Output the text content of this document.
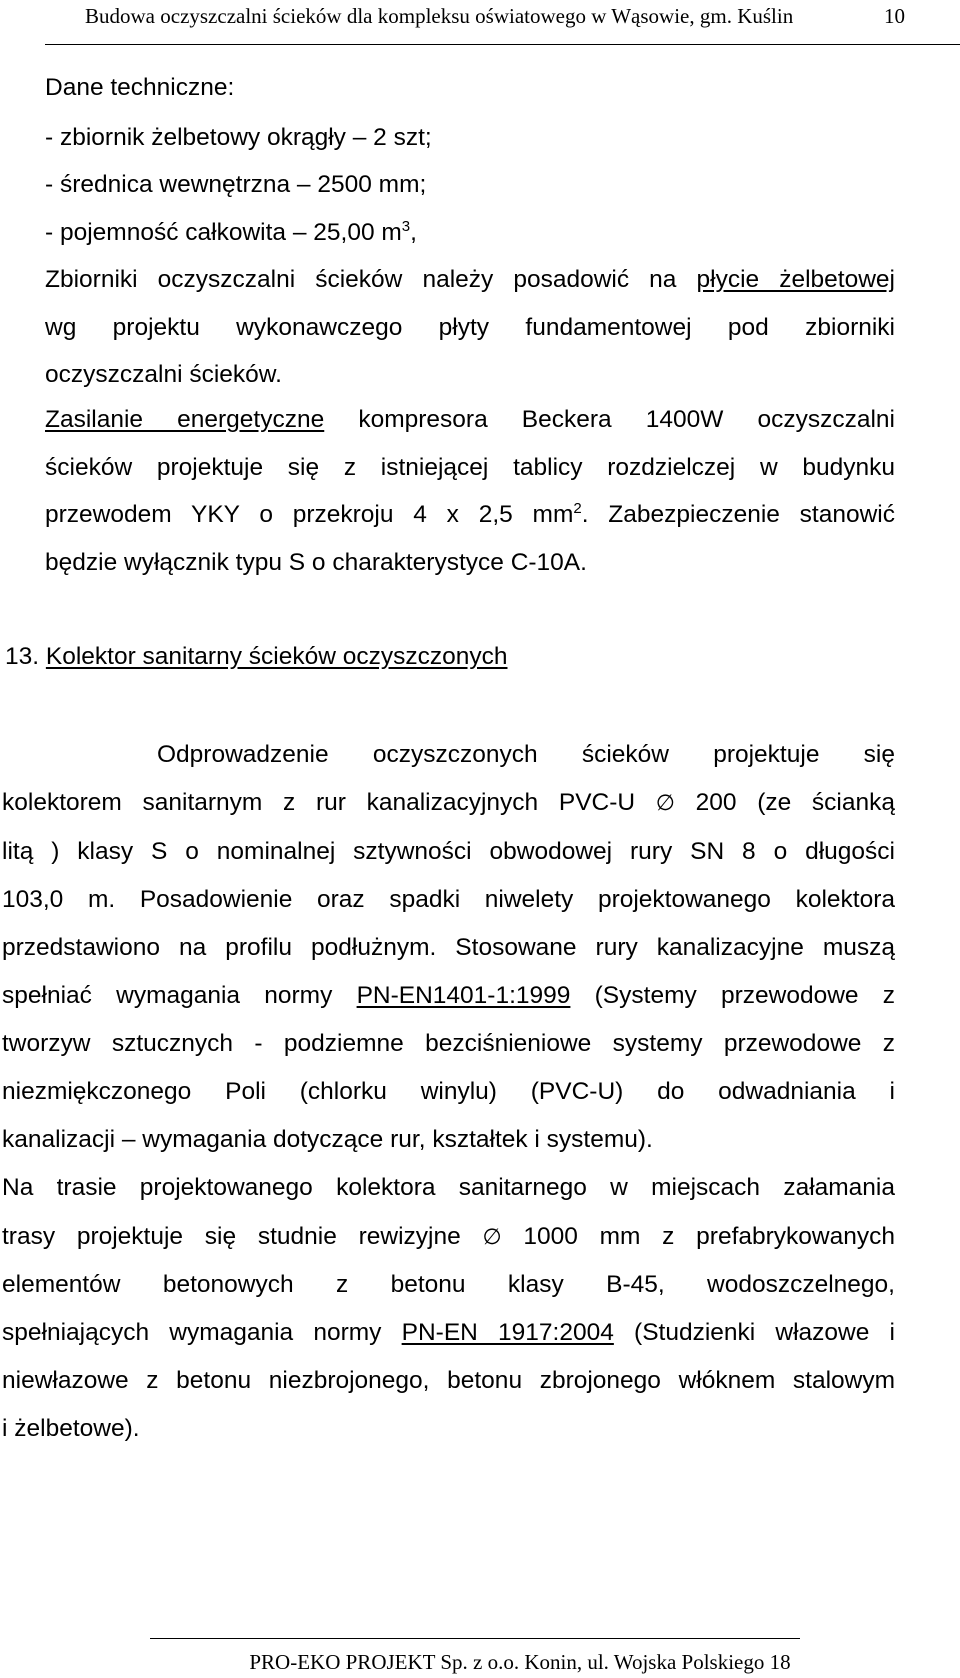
Budowa oczyszczalni ścieków dla kompleksu oświatowego w Wąsowie, gm. Kuślin	10
Dane techniczne:
- zbiornik żelbetowy okrągły – 2 szt;
- średnica wewnętrzna – 2500 mm;
- pojemność całkowita – 25,00 $m^3$,
Zbiorniki oczyszczalni ścieków należy posadowić na płycie żelbetowej
wg projektu wykonawczego płyty fundamentowej pod zbiorniki
oczyszczalni ścieków.
Zasilanie energetyczne kompresora Beckera 1400W oczyszczalni
ścieków projektuje się z istniejącej tablicy rozdzielczej w budynku
przewodem YKY o przekroju 4 x 2,5 $mm^2$. Zabezpieczenie stanowić
będzie wyłącznik typu S o charakterystyce C-10A.
13. Kolektor sanitarny ścieków oczyszczonych
Odprowadzenie oczyszczonych ścieków projektuje się
kolektorem sanitarnym z rur kanalizacyjnych PVC-U ∅ 200 (ze ścianką
litą ) klasy S o nominalnej sztywności obwodowej rury SN 8 o długości
103,0 m. Posadowienie oraz spadki niwelety projektowanego kolektora
przedstawiono na profilu podłużnym. Stosowane rury kanalizacyjne muszą
spełniać wymagania normy PN-EN1401-1:1999 (Systemy przewodowe z
tworzyw sztucznych - podziemne bezciśnieniowe systemy przewodowe z
niezmiękczonego Poli (chlorku winylu) (PVC-U) do odwadniania i
kanalizacji – wymagania dotyczące rur, kształtek i systemu).
Na trasie projektowanego kolektora sanitarnego w miejscach załamania
trasy projektuje się studnie rewizyjne ∅ 1000 mm z prefabrykowanych
elementów betonowych z betonu klasy B-45, wodoszczelnego,
spełniających wymagania normy PN-EN 1917:2004 (Studzienki włazowe i
niewłazowe z betonu niezbrojonego, betonu zbrojonego włóknem stalowym
i żelbetowe).
PRO-EKO PROJEKT Sp. z o.o. Konin, ul. Wojska Polskiego 18
